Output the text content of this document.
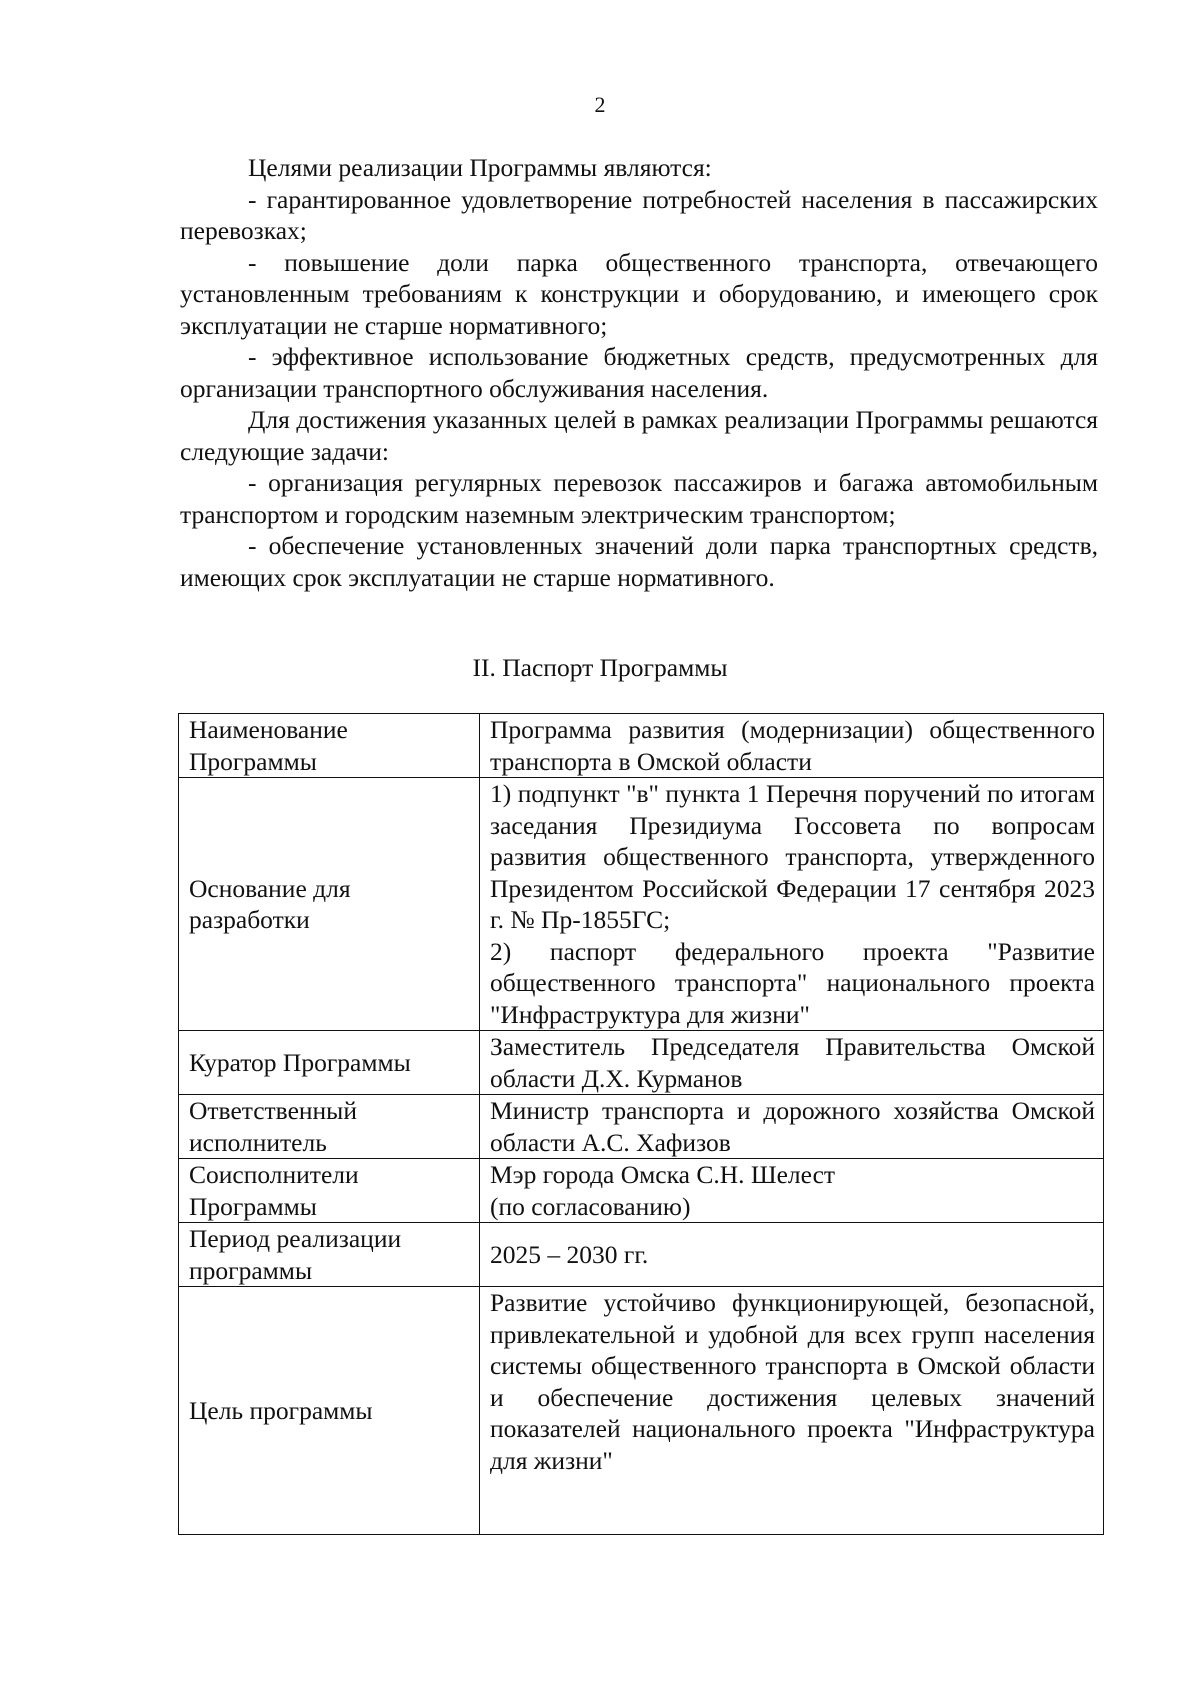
2

Целями реализации Программы являются:

- гарантированное удовлетворение потребностей населения в пассажирских перевозках;

- повышение доли парка общественного транспорта, отвечающего установленным требованиям к конструкции и оборудованию, и имеющего срок эксплуатации не старше нормативного;

- эффективное использование бюджетных средств, предусмотренных для организации транспортного обслуживания населения.

Для достижения указанных целей в рамках реализации Программы решаются следующие задачи:

- организация регулярных перевозок пассажиров и багажа автомобильным транспортом и городским наземным электрическим транспортом;

- обеспечение установленных значений доли парка транспортных средств, имеющих срок эксплуатации не старше нормативного.

II. Паспорт Программы
Наименование Программы	Программа развития (модернизации) общественного транспорта в Омской области
Основание для разработки	1) подпункт "в" пункта 1 Перечня поручений по итогам заседания Президиума Госсовета по вопросам развития общественного транспорта, утвержденного Президентом Российской Федерации 17 сентября 2023 г. № Пр-1855ГС;

2) паспорт федерального проекта "Развитие общественного транспорта" национального проекта "Инфраструктура для жизни"

Куратор Программы	Заместитель Председателя Правительства Омской области Д.Х. Курманов
Ответственный исполнитель	Министр транспорта и дорожного хозяйства Омской области А.С. Хафизов
Соисполнители Программы	Мэр города Омска С.Н. Шелест
(по согласованию)

Период реализации программы	2025 – 2030 гг.
Цель программы	Развитие устойчиво функционирующей, безопасной, привлекательной и удобной для всех групп населения системы общественного транспорта в Омской области и обеспечение достижения целевых значений показателей национального проекта "Инфраструктура для жизни"
